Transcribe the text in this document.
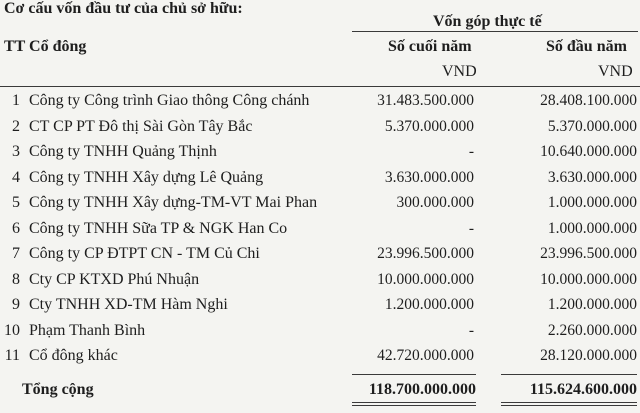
Cơ cấu vốn đầu tư của chủ sở hữu:
Vốn góp thực tế
TT Cổ đông	Số cuối năm	Số đầu năm
VND	VND
1 Công ty Công trình Giao thông Công chánh	31.483.500.000	28.408.100.000
2 CT CP PT Đô thị Sài Gòn Tây Bắc	5.370.000.000	5.370.000.000
3 Công ty TNHH Quảng Thịnh	-	10.640.000.000
4 Công ty TNHH Xây dựng Lê Quảng	3.630.000.000	3.630.000.000
5 Công ty TNHH Xây dựng-TM-VT Mai Phan	300.000.000	1.000.000.000
6 Công ty TNHH Sữa TP & NGK Han Co	-	1.000.000.000
7 Công ty CP ĐTPT CN - TM Củ Chi	23.996.500.000	23.996.500.000
8 Cty CP KTXD Phú Nhuận	10.000.000.000	10.000.000.000
9 Cty TNHH XD-TM Hàm Nghi	1.200.000.000	1.200.000.000
10 Phạm Thanh Bình	-	2.260.000.000
11 Cổ đông khác	42.720.000.000	28.120.000.000
Tổng cộng	118.700.000.000	115.624.600.000
